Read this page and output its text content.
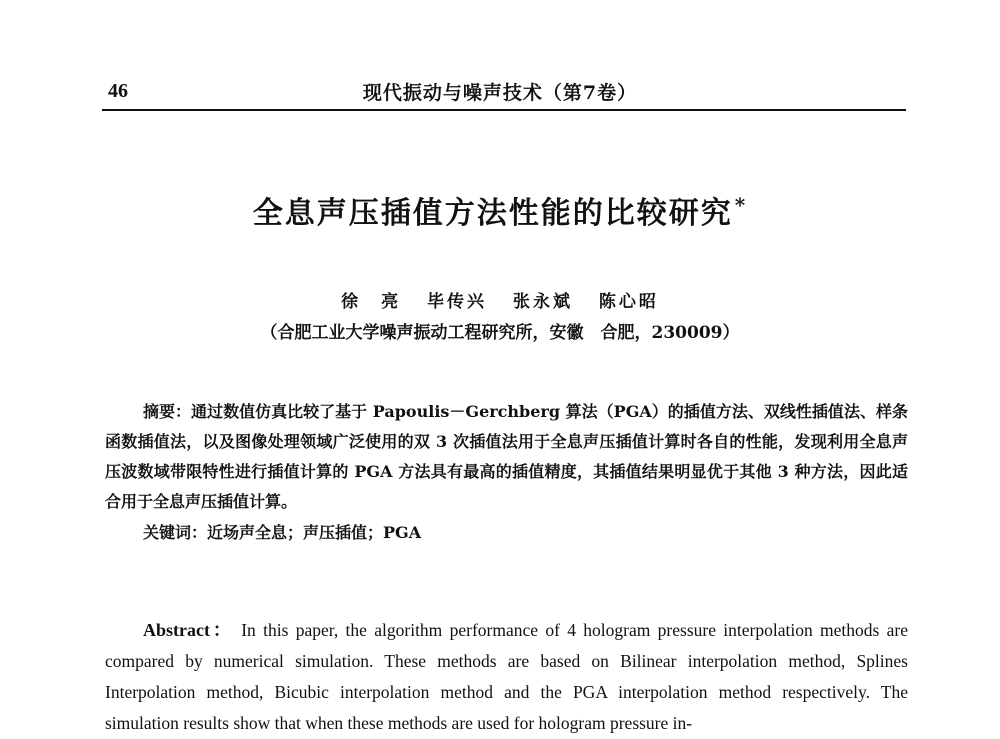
46	现代振动与噪声技术（第7卷）
全息声压插值方法性能的比较研究 *
徐　亮 毕传兴 张永斌 陈心昭
（合肥工业大学噪声振动工程研究所，安徽　合肥，230009）

摘要：通过数值仿真比较了基于 Papoulis－Gerchberg 算法（PGA）的插值方法、双线性插值法、样条函数插值法，以及图像处理领域广泛使用的双 3 次插值法用于全息声压插值计算时各自的性能，发现利用全息声压波数域带限特性进行插值计算的 PGA 方法具有最高的插值精度，其插值结果明显优于其他 3 种方法，因此适合用于全息声压插值计算。

关键词：近场声全息；声压插值；PGA

Abstract： In this paper, the algorithm performance of 4 hologram pressure interpolation methods are compared by numerical simulation. These methods are based on Bilinear interpolation method, Splines Interpolation method, Bicubic interpolation method and the PGA interpolation method respectively. The simulation results show that when these methods are used for hologram pressure in-
